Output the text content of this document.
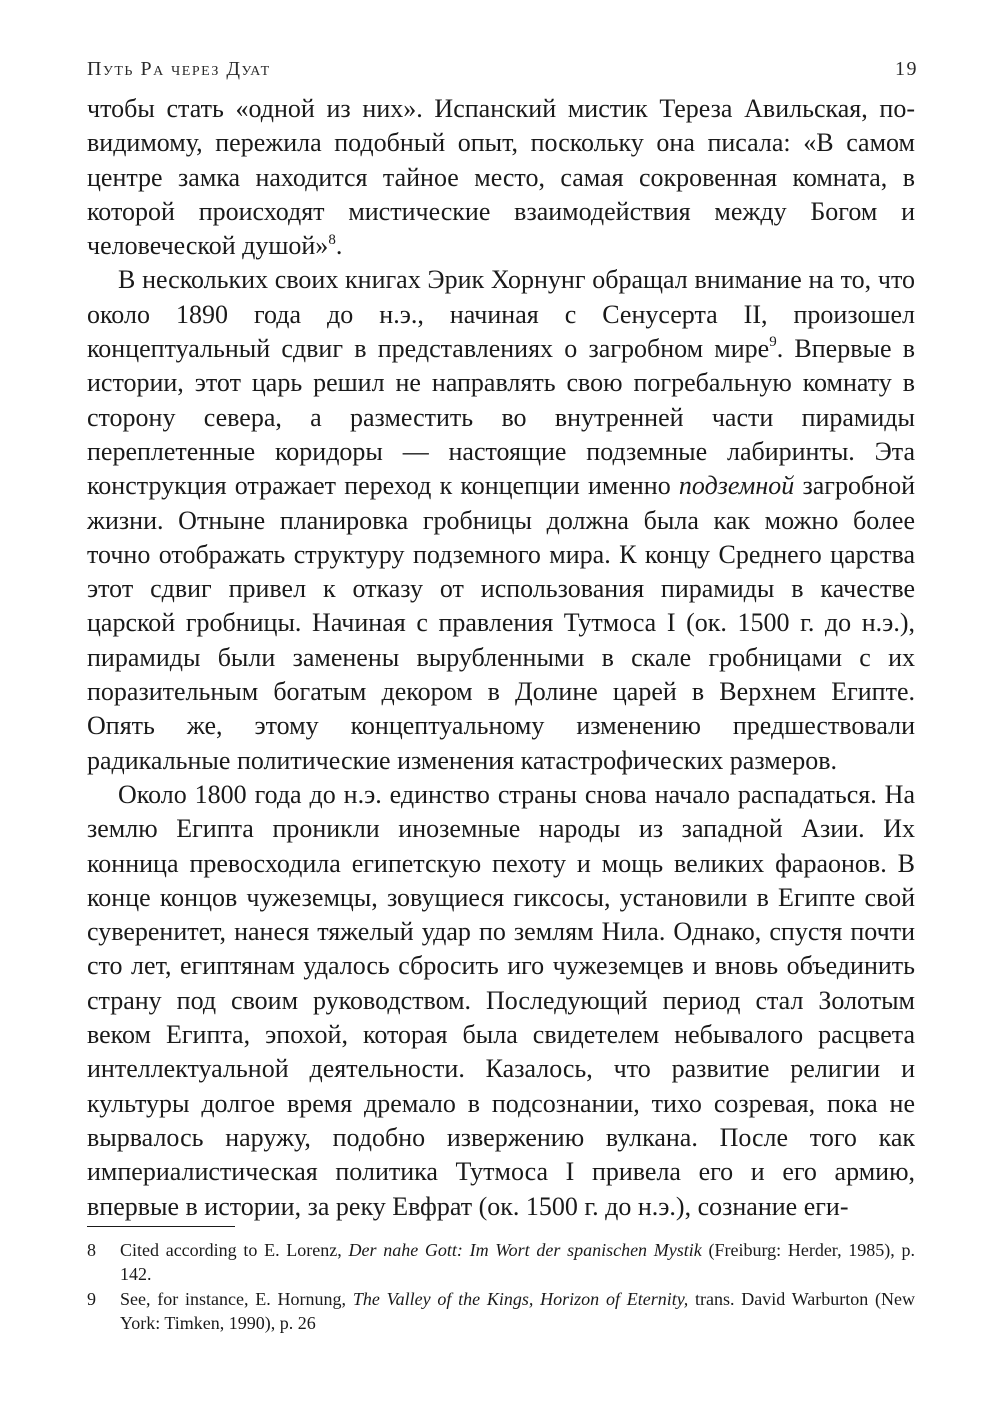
Путь Ра через Дуат	19

чтобы стать «одной из них». Испанский мистик Тереза Авильская, по-видимому, пережила подобный опыт, поскольку она писала: «В самом центре замка находится тайное место, самая сокровенная комната, в которой происходят мистические взаимодействия между Богом и человеческой душой»$^8$.

В нескольких своих книгах Эрик Хорнунг обращал внимание на то, что около 1890 года до н.э., начиная с Сенусерта II, произошел концептуальный сдвиг в представлениях о загробном мире$^9$. Впервые в истории, этот царь решил не направлять свою погребальную комнату в сторону севера, а разместить во внутренней части пирамиды переплетенные коридоры — настоящие подземные лабиринты. Эта конструкция отражает переход к концепции именно подземной загробной жизни. Отныне планировка гробницы должна была как можно более точно отображать структуру подземного мира. К концу Среднего царства этот сдвиг привел к отказу от использования пирамиды в качестве царской гробницы. Начиная с правления Тутмоса I (ок. 1500 г. до н.э.), пирамиды были заменены вырубленными в скале гробницами с их поразительным богатым декором в Долине царей в Верхнем Египте. Опять же, этому концептуальному изменению предшествовали радикальные политические изменения катастрофических размеров.

Около 1800 года до н.э. единство страны снова начало распадаться. На землю Египта проникли иноземные народы из западной Азии. Их конница превосходила египетскую пехоту и мощь великих фараонов. В конце концов чужеземцы, зовущиеся гиксосы, установили в Египте свой суверенитет, нанеся тяжелый удар по землям Нила. Однако, спустя почти сто лет, египтянам удалось сбросить иго чужеземцев и вновь объединить страну под своим руководством. Последующий период стал Золотым веком Египта, эпохой, которая была свидетелем небывалого расцвета интеллектуальной деятельности. Казалось, что развитие религии и культуры долгое время дремало в подсознании, тихо созревая, пока не вырвалось наружу, подобно извержению вулкана. После того как империалистическая политика Тутмоса I привела его и его армию, впервые в истории, за реку Евфрат (ок. 1500 г. до н.э.), сознание еги-

8	Cited according to E. Lorenz, Der nahe Gott: Im Wort der spanischen Mystik (Freiburg: Herder, 1985), p. 142.
9	See, for instance, E. Hornung, The Valley of the Kings, Horizon of Eternity, trans. David Warburton (New York: Timken, 1990), p. 26
